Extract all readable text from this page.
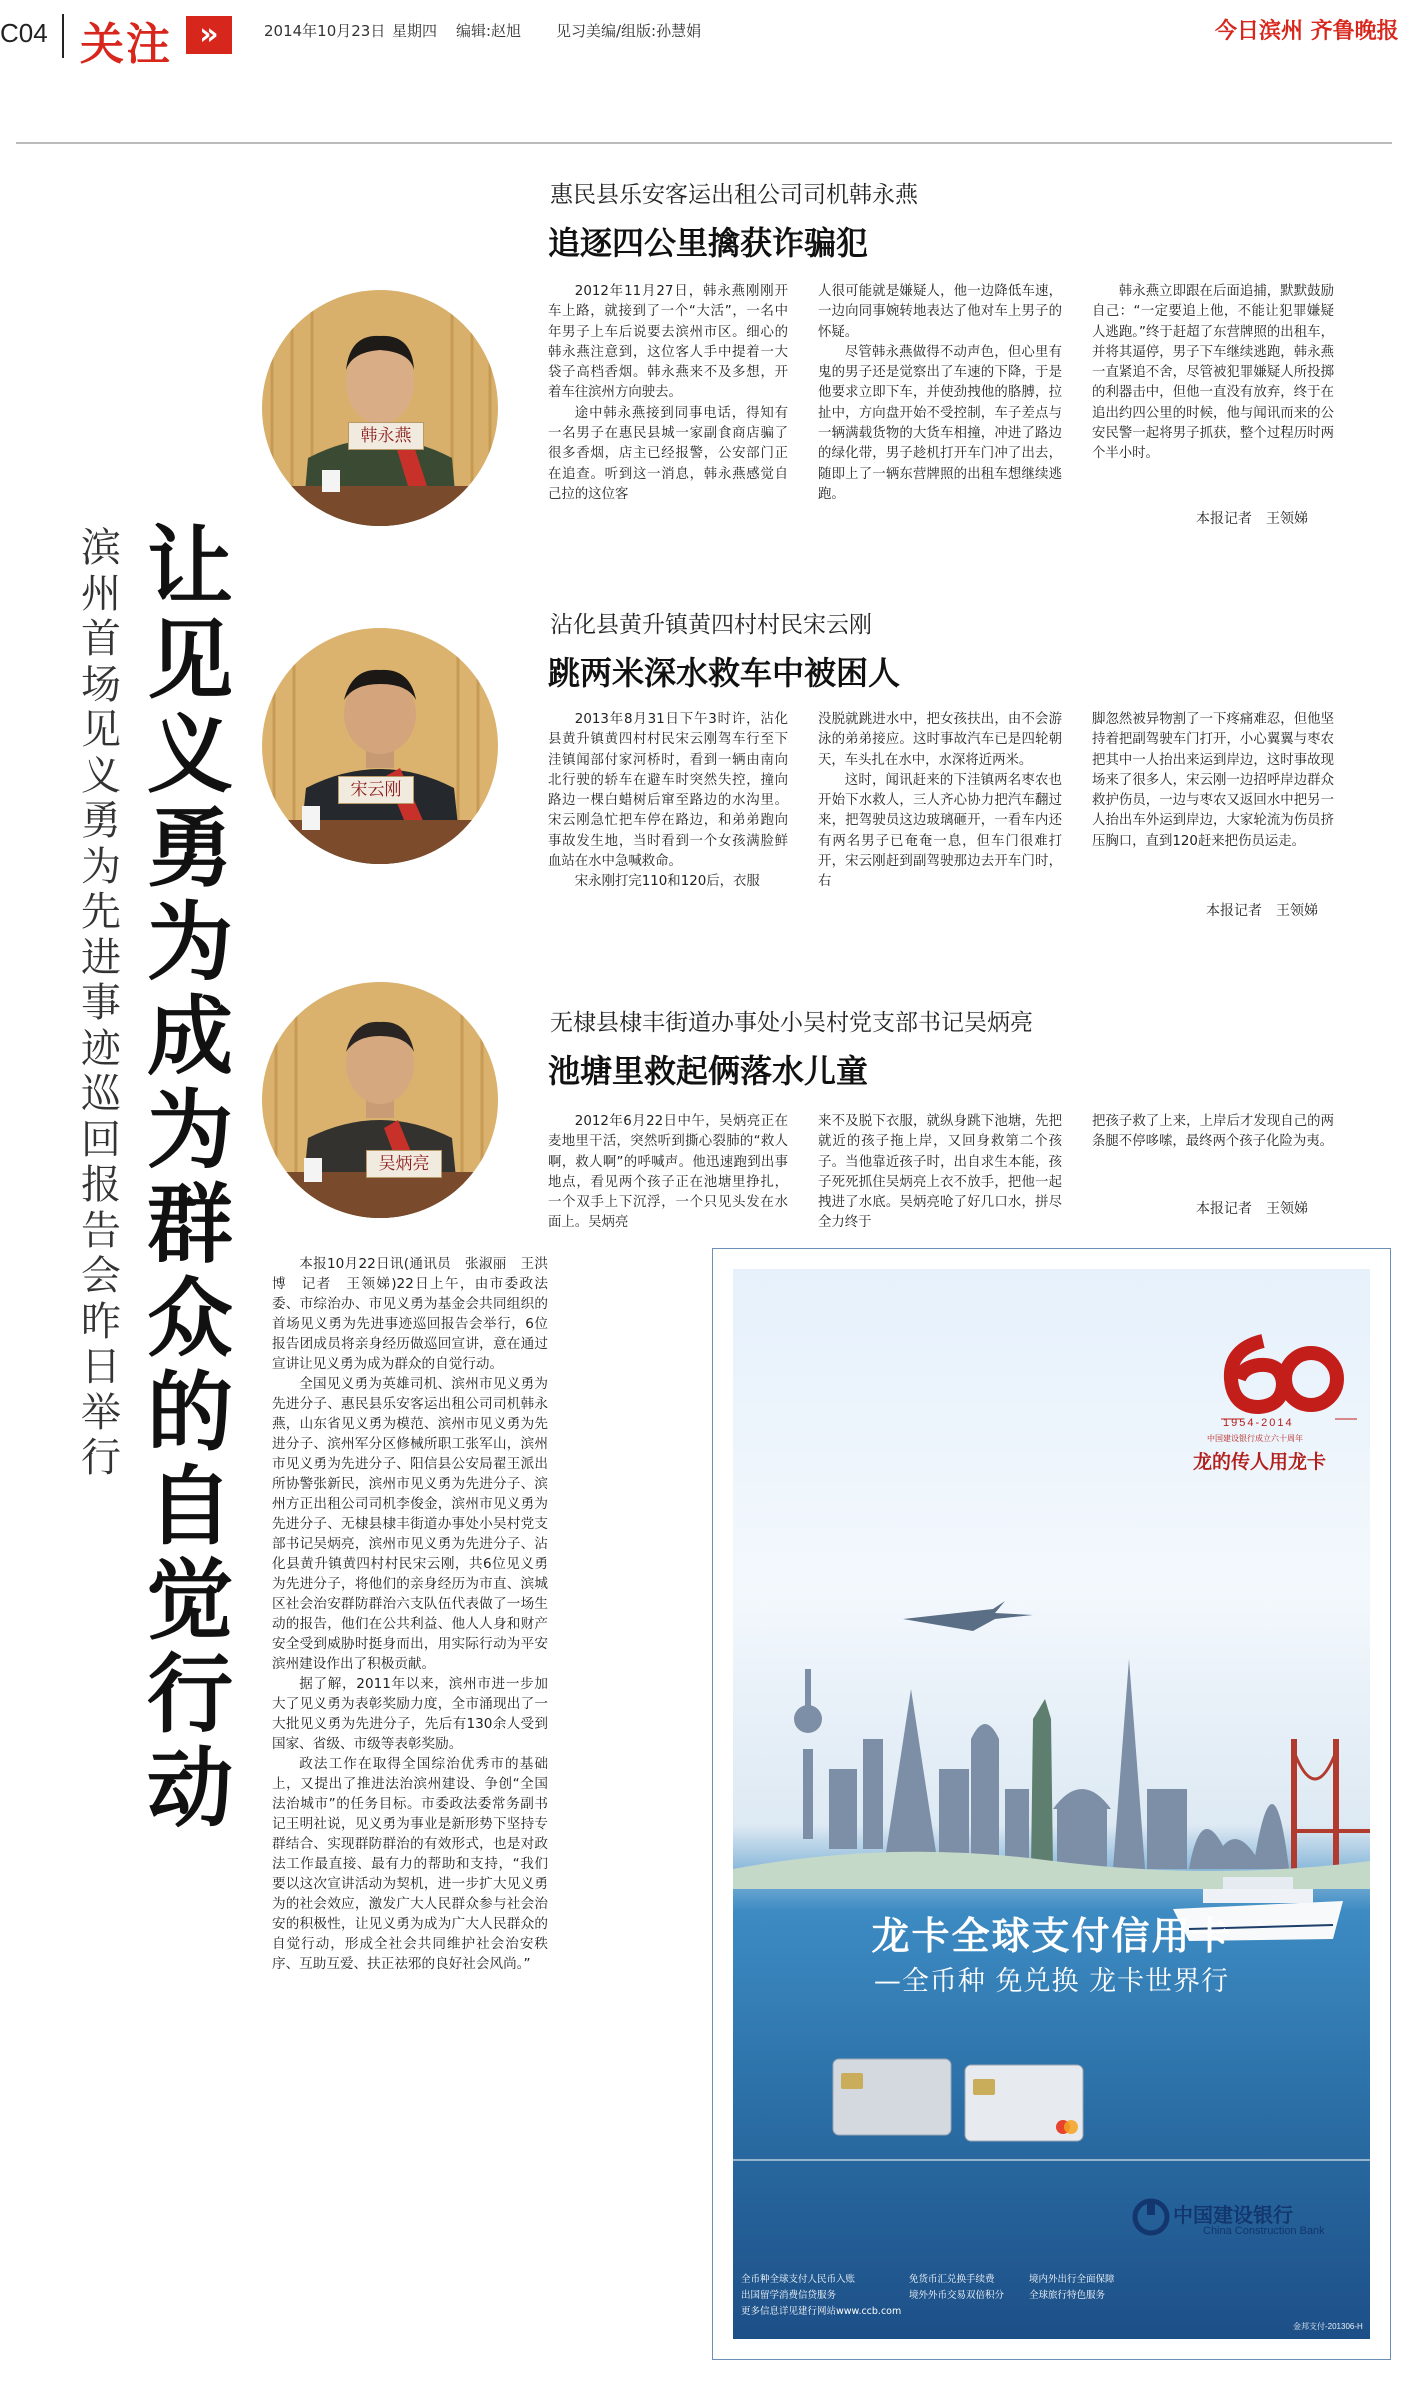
C04 关注 »	2014年10月23日 星期四 编辑:赵旭 见习美编/组版:孙慧娟	今日滨州 齐鲁晚报
让见义勇为成为群众的自觉行动
滨州首场见义勇为先进事迹巡回报告会昨日举行
韩永燕
宋云刚
吴炳亮
惠民县乐安客运出租公司司机韩永燕
追逐四公里擒获诈骗犯

2012年11月27日，韩永燕刚刚开车上路，就接到了一个“大活”，一名中年男子上车后说要去滨州市区。细心的韩永燕注意到，这位客人手中提着一大袋子高档香烟。韩永燕来不及多想，开着车往滨州方向驶去。

途中韩永燕接到同事电话，得知有一名男子在惠民县城一家副食商店骗了很多香烟，店主已经报警，公安部门正在追查。听到这一消息，韩永燕感觉自己拉的这位客

人很可能就是嫌疑人，他一边降低车速，一边向同事婉转地表达了他对车上男子的怀疑。

尽管韩永燕做得不动声色，但心里有鬼的男子还是觉察出了车速的下降，于是他要求立即下车，并使劲拽他的胳膊，拉扯中，方向盘开始不受控制，车子差点与一辆满载货物的大货车相撞，冲进了路边的绿化带，男子趁机打开车门冲了出去，随即上了一辆东营牌照的出租车想继续逃跑。

韩永燕立即跟在后面追捕，默默鼓励自己：“一定要追上他，不能让犯罪嫌疑人逃跑。”终于赶超了东营牌照的出租车，并将其逼停，男子下车继续逃跑，韩永燕一直紧追不舍，尽管被犯罪嫌疑人所投掷的利器击中，但他一直没有放弃，终于在追出约四公里的时候，他与闻讯而来的公安民警一起将男子抓获，整个过程历时两个半小时。

本报记者　王领娣
沾化县黄升镇黄四村村民宋云刚
跳两米深水救车中被困人

2013年8月31日下午3时许，沾化县黄升镇黄四村村民宋云刚驾车行至下洼镇闻部付家河桥时，看到一辆由南向北行驶的轿车在避车时突然失控，撞向路边一棵白蜡树后窜至路边的水沟里。宋云刚急忙把车停在路边，和弟弟跑向事故发生地，当时看到一个女孩满脸鲜血站在水中急喊救命。

宋永刚打完110和120后，衣服

没脱就跳进水中，把女孩扶出，由不会游泳的弟弟接应。这时事故汽车已是四轮朝天，车头扎在水中，水深将近两米。

这时，闻讯赶来的下洼镇两名枣农也开始下水救人，三人齐心协力把汽车翻过来，把驾驶员这边玻璃砸开，一看车内还有两名男子已奄奄一息，但车门很难打开，宋云刚赶到副驾驶那边去开车门时，右

脚忽然被异物割了一下疼痛难忍，但他坚持着把副驾驶车门打开，小心翼翼与枣农把其中一人抬出来运到岸边，这时事故现场来了很多人，宋云刚一边招呼岸边群众救护伤员，一边与枣农又返回水中把另一人抬出车外运到岸边，大家轮流为伤员挤压胸口，直到120赶来把伤员运走。

本报记者　王领娣
无棣县棣丰街道办事处小吴村党支部书记吴炳亮
池塘里救起俩落水儿童

2012年6月22日中午，吴炳亮正在麦地里干活，突然听到撕心裂肺的“救人啊，救人啊”的呼喊声。他迅速跑到出事地点，看见两个孩子正在池塘里挣扎，一个双手上下沉浮，一个只见头发在水面上。吴炳亮

来不及脱下衣服，就纵身跳下池塘，先把就近的孩子拖上岸，又回身救第二个孩子。当他靠近孩子时，出自求生本能，孩子死死抓住吴炳亮上衣不放手，把他一起拽进了水底。吴炳亮呛了好几口水，拼尽全力终于

把孩子救了上来，上岸后才发现自己的两条腿不停哆嗦，最终两个孩子化险为夷。

本报记者　王领娣

本报10月22日讯(通讯员　张淑丽　王洪博　记者　王领娣)22日上午，由市委政法委、市综治办、市见义勇为基金会共同组织的首场见义勇为先进事迹巡回报告会举行，6位报告团成员将亲身经历做巡回宣讲，意在通过宣讲让见义勇为成为群众的自觉行动。

全国见义勇为英雄司机、滨州市见义勇为先进分子、惠民县乐安客运出租公司司机韩永燕，山东省见义勇为模范、滨州市见义勇为先进分子、滨州军分区修械所职工张军山，滨州市见义勇为先进分子、阳信县公安局翟王派出所协警张新民，滨州市见义勇为先进分子、滨州方正出租公司司机李俊金，滨州市见义勇为先进分子、无棣县棣丰街道办事处小吴村党支部书记吴炳亮，滨州市见义勇为先进分子、沾化县黄升镇黄四村村民宋云刚，共6位见义勇为先进分子，将他们的亲身经历为市直、滨城区社会治安群防群治六支队伍代表做了一场生动的报告，他们在公共利益、他人人身和财产安全受到威胁时挺身而出，用实际行动为平安滨州建设作出了积极贡献。

据了解，2011年以来，滨州市进一步加大了见义勇为表彰奖励力度，全市涌现出了一大批见义勇为先进分子，先后有130余人受到国家、省级、市级等表彰奖励。

政法工作在取得全国综治优秀市的基础上，又提出了推进法治滨州建设、争创“全国法治城市”的任务目标。市委政法委常务副书记王明社说，见义勇为事业是新形势下坚持专群结合、实现群防群治的有效形式，也是对政法工作最直接、最有力的帮助和支持，“我们要以这次宣讲活动为契机，进一步扩大见义勇为的社会效应，激发广大人民群众参与社会治安的积极性，让见义勇为成为广大人民群众的自觉行动，形成全社会共同维护社会治安秩序、互助互爱、扶正祛邪的良好社会风尚。”

1954-2014
中国建设银行成立六十周年
龙的传人用龙卡
龙卡全球支付信用卡
—全币种 免兑换 龙卡世界行
中国建设银行
China Construction Bank
全币种全球支付人民币入账	免货币汇兑换手续费	境内外出行全面保障
出国留学消费信贷服务	境外外币交易双倍积分	全球旅行特色服务
更多信息详见建行网站www.ccb.com
金邦支付-201306-H
